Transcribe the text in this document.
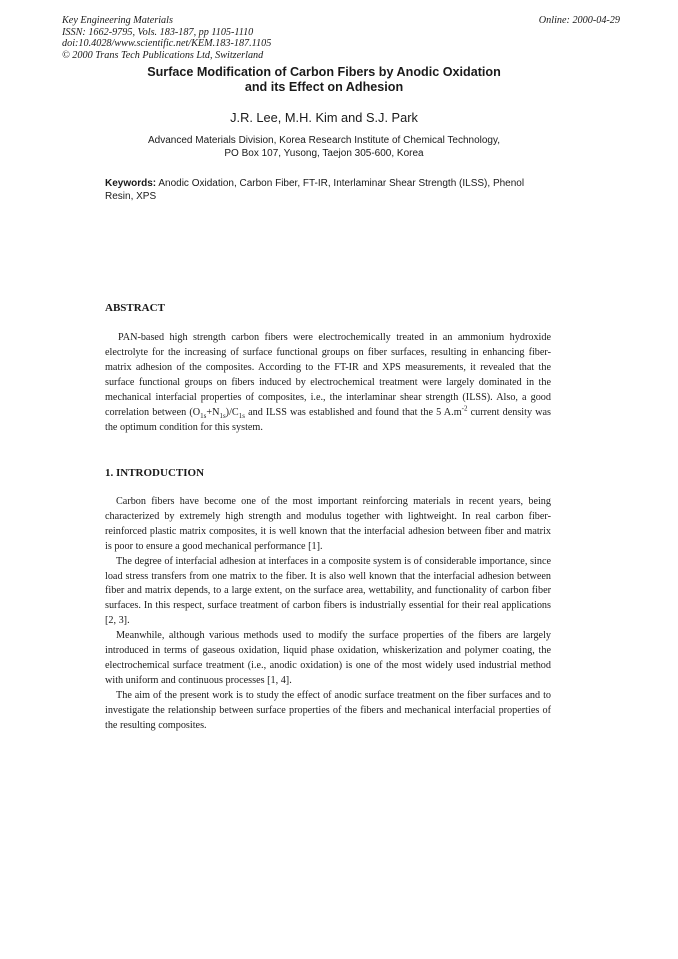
Key Engineering Materials
ISSN: 1662-9795, Vols. 183-187, pp 1105-1110
doi:10.4028/www.scientific.net/KEM.183-187.1105
© 2000 Trans Tech Publications Ltd, Switzerland
Online: 2000-04-29
Surface Modification of Carbon Fibers by Anodic Oxidation
and its Effect on Adhesion
J.R. Lee, M.H. Kim and S.J. Park
Advanced Materials Division, Korea Research Institute of Chemical Technology,
PO Box 107, Yusong, Taejon 305-600, Korea
Keywords: Anodic Oxidation, Carbon Fiber, FT-IR, Interlaminar Shear Strength (ILSS), Phenol Resin, XPS
ABSTRACT
PAN-based high strength carbon fibers were electrochemically treated in an ammonium hydroxide electrolyte for the increasing of surface functional groups on fiber surfaces, resulting in enhancing fiber-matrix adhesion of the composites. According to the FT-IR and XPS measurements, it revealed that the surface functional groups on fibers induced by electrochemical treatment were largely dominated in the mechanical interfacial properties of composites, i.e., the interlaminar shear strength (ILSS). Also, a good correlation between $(O_{1s}+N_{1s})/C_{1s}$ and ILSS was established and found that the 5 $A.m^{-2}$ current density was the optimum condition for this system.
1. INTRODUCTION

Carbon fibers have become one of the most important reinforcing materials in recent years, being characterized by extremely high strength and modulus together with lightweight. In real carbon fiber-reinforced plastic matrix composites, it is well known that the interfacial adhesion between fiber and matrix is poor to ensure a good mechanical performance [1].

The degree of interfacial adhesion at interfaces in a composite system is of considerable importance, since load stress transfers from one matrix to the fiber. It is also well known that the interfacial adhesion between fiber and matrix depends, to a large extent, on the surface area, wettability, and functionality of carbon fiber surfaces. In this respect, surface treatment of carbon fibers is industrially essential for their real applications [2, 3].

Meanwhile, although various methods used to modify the surface properties of the fibers are largely introduced in terms of gaseous oxidation, liquid phase oxidation, whiskerization and polymer coating, the electrochemical surface treatment (i.e., anodic oxidation) is one of the most widely used industrial method with uniform and continuous processes [1, 4].

The aim of the present work is to study the effect of anodic surface treatment on the fiber surfaces and to investigate the relationship between surface properties of the fibers and mechanical interfacial properties of the resulting composites.
